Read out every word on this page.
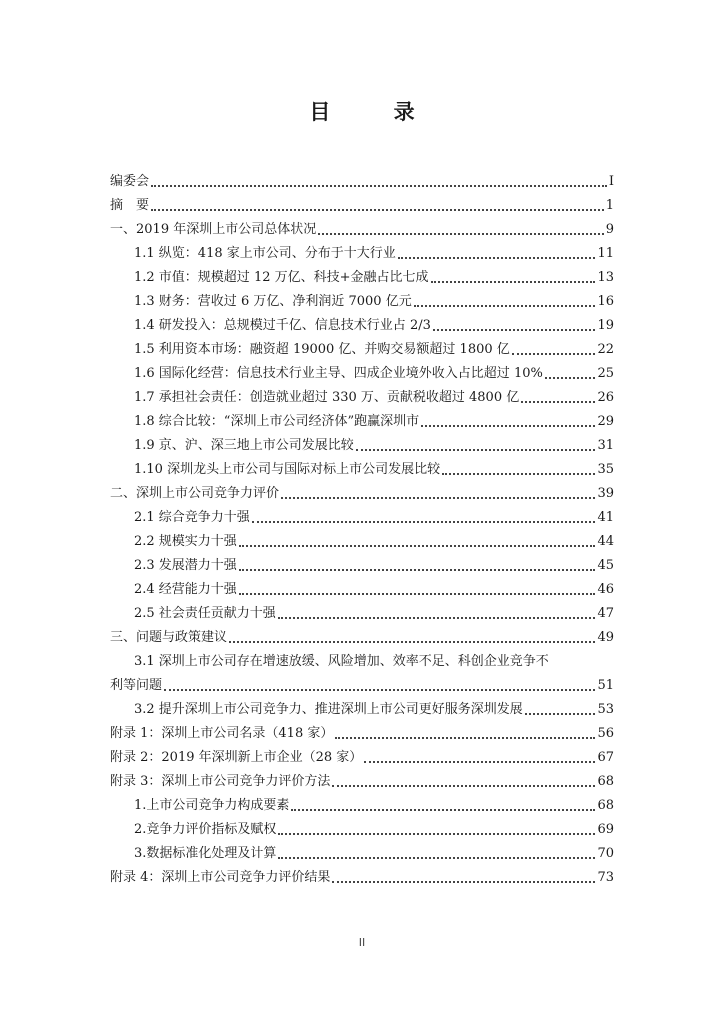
目 录
编委会	I
摘　要	1
一、2019 年深圳上市公司总体状况	9
1.1 纵览：418 家上市公司、分布于十大行业	11
1.2 市值：规模超过 12 万亿、科技+金融占比七成	13
1.3 财务：营收过 6 万亿、净利润近 7000 亿元	16
1.4 研发投入：总规模过千亿、信息技术行业占 2/3	19
1.5 利用资本市场：融资超 19000 亿、并购交易额超过 1800 亿	22
1.6 国际化经营：信息技术行业主导、四成企业境外收入占比超过 10%	25
1.7 承担社会责任：创造就业超过 330 万、贡献税收超过 4800 亿	26
1.8 综合比较：“深圳上市公司经济体”跑赢深圳市	29
1.9 京、沪、深三地上市公司发展比较	31
1.10 深圳龙头上市公司与国际对标上市公司发展比较	35
二、深圳上市公司竞争力评价	39
2.1 综合竞争力十强	41
2.2 规模实力十强	44
2.3 发展潜力十强	45
2.4 经营能力十强	46
2.5 社会责任贡献力十强	47
三、问题与政策建议	49
3.1 深圳上市公司存在增速放缓、风险增加、效率不足、科创企业竞争不
利等问题	51
3.2 提升深圳上市公司竞争力、推进深圳上市公司更好服务深圳发展	53
附录 1：深圳上市公司名录（418 家）	56
附录 2：2019 年深圳新上市企业（28 家）	67
附录 3：深圳上市公司竞争力评价方法	68
1.上市公司竞争力构成要素	68
2.竞争力评价指标及赋权	69
3.数据标准化处理及计算	70
附录 4：深圳上市公司竞争力评价结果	73
II
